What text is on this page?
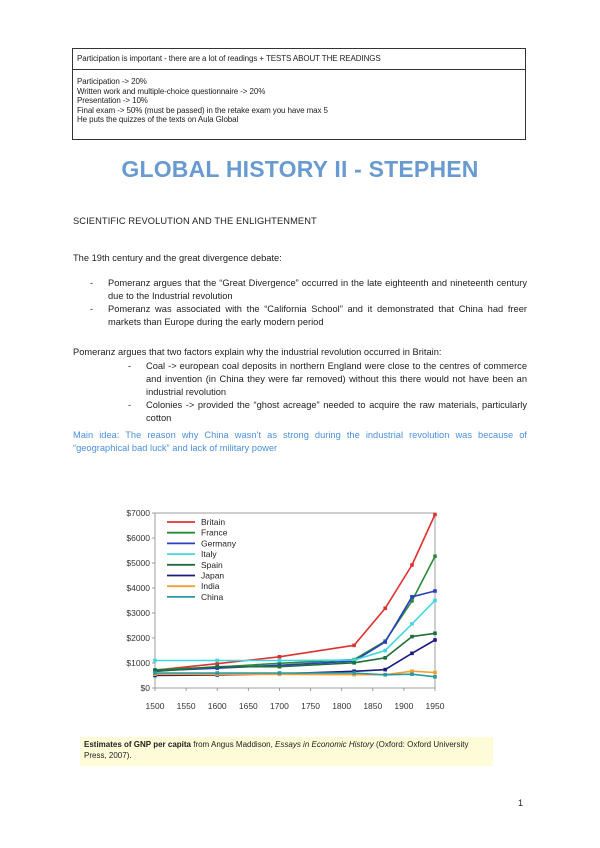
Participation is important - there are a lot of readings + TESTS ABOUT THE READINGS
Participation -> 20%
Written work and multiple-choice questionnaire -> 20%
Presentation -> 10%
Final exam -> 50% (must be passed) in the retake exam you have max 5
He puts the quizzes of the texts on Aula Global
GLOBAL HISTORY II - STEPHEN
SCIENTIFIC REVOLUTION AND THE ENLIGHTENMENT
The 19th century and the great divergence debate:
- Pomeranz argues that the “Great Divergence” occurred in the late eighteenth and nineteenth century due to the Industrial revolution
- Pomeranz was associated with the “California School” and it demonstrated that China had freer markets than Europe during the early modern period
Pomeranz argues that two factors explain why the industrial revolution occurred in Britain:
- Coal -> european coal deposits in northern England were close to the centres of commerce and invention (in China they were far removed) without this there would not have been an industrial revolution
- Colonies -> provided the “ghost acreage” needed to acquire the raw materials, particularly cotton
Main idea: The reason why China wasn’t as strong during the industrial revolution was because of “geographical bad luck” and lack of military power
$0
$1000
$2000
$3000
$4000
$5000
$6000
$7000
1500 1550 1600 1650 1700 1750 1800 1850 1900 1950
Britain
France
Germany
Italy
Spain
Japan
India
China
Estimates of GNP per capita from Angus Maddison, Essays in Economic History (Oxford: Oxford University Press, 2007).
1
